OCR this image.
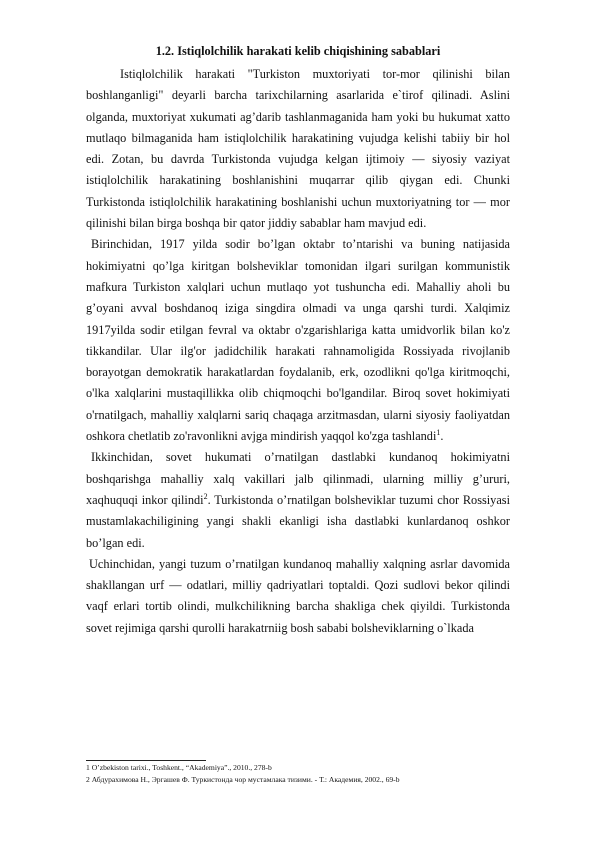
1.2. Istiqlolchilik harakati kelib chiqishining sabablari

Istiqlolchilik harakati "Turkiston muxtoriyati tor-mor qilinishi bilan boshlanganligi" deyarli barcha tarixchilarning asarlarida e`tirof qilinadi. Aslini olganda, muxtoriyat xukumati ag’darib tashlanmaganida ham yoki bu hukumat xatto mutlaqo bilmaganida ham istiqlolchilik harakatining vujudga kelishi tabiiy bir hol edi. Zotan, bu davrda Turkistonda vujudga kelgan ijtimoiy — siyosiy vaziyat istiqlolchilik harakatining boshlanishini muqarrar qilib qiygan edi. Chunki Turkistonda istiqlolchilik harakatining boshlanishi uchun muxtoriyatning tor — mor qilinishi bilan birga boshqa bir qator jiddiy sabablar ham mavjud edi.

Birinchidan, 1917 yilda sodir bo’lgan oktabr to’ntarishi va buning natijasida hokimiyatni qo’lga kiritgan bolsheviklar tomonidan ilgari surilgan kommunistik mafkura Turkiston xalqlari uchun mutlaqo yot tushuncha edi. Mahalliy aholi bu g’oyani avval boshdanoq iziga singdira olmadi va unga qarshi turdi. Xalqimiz 1917yilda sodir etilgan fevral va oktabr o'zgarishlariga katta umidvorlik bilan ko'z tikkandilar. Ular ilg'or jadidchilik harakati rahnamoligida Rossiyada rivojlanib borayotgan demokratik harakatlardan foydalanib, erk, ozodlikni qo'lga kiritmoqchi, o'lka xalqlarini mustaqillikka olib chiqmoqchi bo'lgandilar. Biroq sovet hokimiyati o'rnatilgach, mahalliy xalqlarni sariq chaqaga arzitmasdan, ularni siyosiy faoliyatdan oshkora chetlatib zo'ravonlikni avjga mindirish yaqqol ko'zga tashlandi$^1$.

Ikkinchidan, sovet hukumati o’rnatilgan dastlabki kundanoq hokimiyatni boshqarishga mahalliy xalq vakillari jalb qilinmadi, ularning milliy g’ururi, xaqhuquqi inkor qilindi$^2$. Turkistonda o’rnatilgan bolsheviklar tuzumi chor Rossiyasi mustamlakachiligining yangi shakli ekanligi isha dastlabki kunlardanoq oshkor bo’lgan edi.

Uchinchidan, yangi tuzum o’rnatilgan kundanoq mahalliy xalqning asrlar davomida shakllangan urf — odatlari, milliy qadriyatlari toptaldi. Qozi sudlovi bekor qilindi vaqf erlari tortib olindi, mulkchilikning barcha shakliga chek qiyildi. Turkistonda sovet rejimiga qarshi qurolli harakatrniig bosh sababi bolsheviklarning o`lkada

1 O’zbekiston tarixi., Toshkent., “Akademiya”., 2010., 278-b
2 Абдурахимова Н., Эргашев Ф. Туркистонда чор мустамлака тизими. - Т.: Академия, 2002., 69-b
